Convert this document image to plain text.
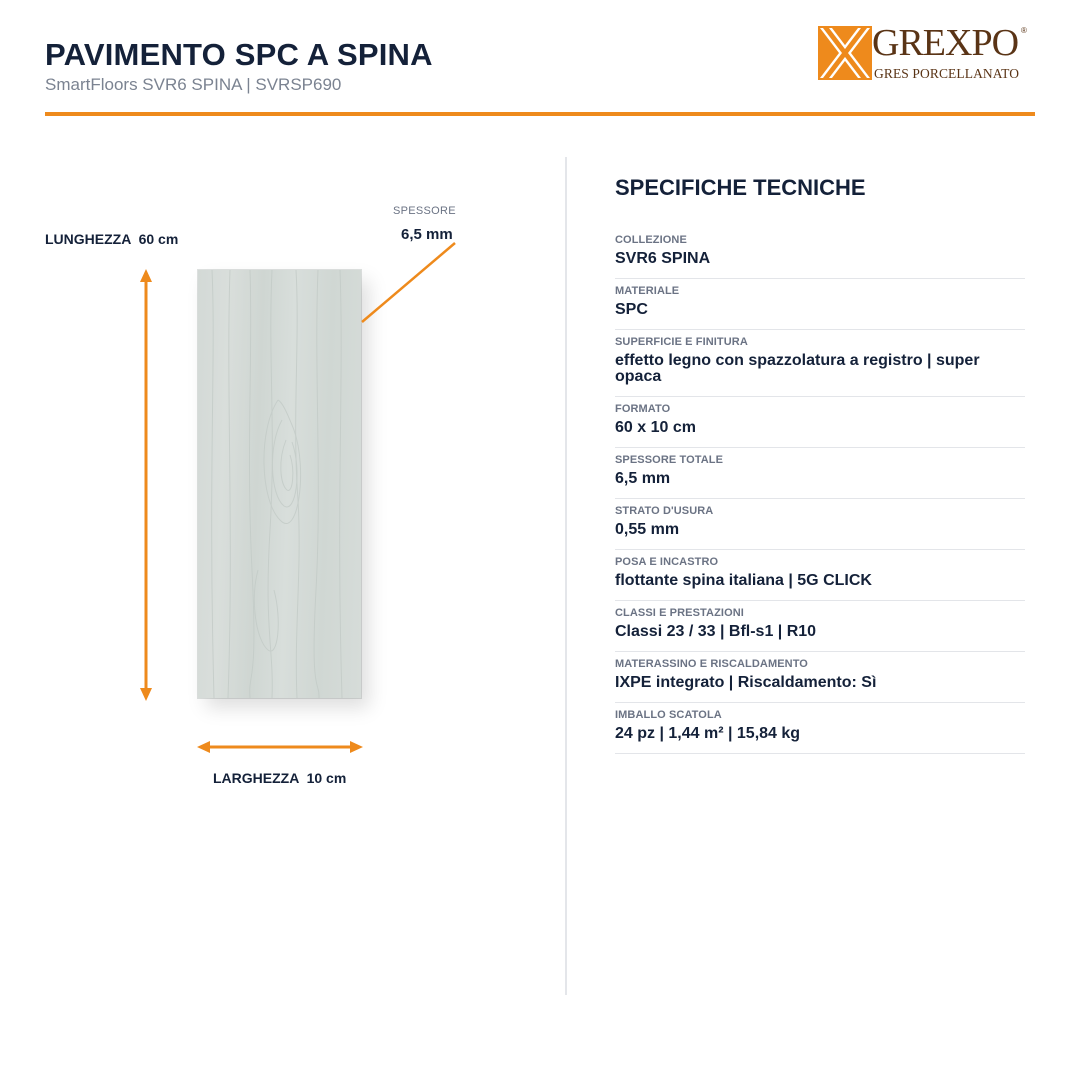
PAVIMENTO SPC A SPINA
SmartFloors SVR6 SPINA | SVRSP690
GREXPO ®
GRES PORCELLANATO
LUNGHEZZA  60 cm
SPESSORE
6,5 mm
LARGHEZZA  10 cm
SPECIFICHE TECNICHE
COLLEZIONE
SVR6 SPINA
MATERIALE
SPC
SUPERFICIE E FINITURA
effetto legno con spazzolatura a registro | super opaca
FORMATO
60 x 10 cm
SPESSORE TOTALE
6,5 mm
STRATO D'USURA
0,55 mm
POSA E INCASTRO
flottante spina italiana | 5G CLICK
CLASSI E PRESTAZIONI
Classi 23 / 33 | Bfl-s1 | R10
MATERASSINO E RISCALDAMENTO
IXPE integrato | Riscaldamento: Sì
IMBALLO SCATOLA
24 pz | 1,44 m² | 15,84 kg
